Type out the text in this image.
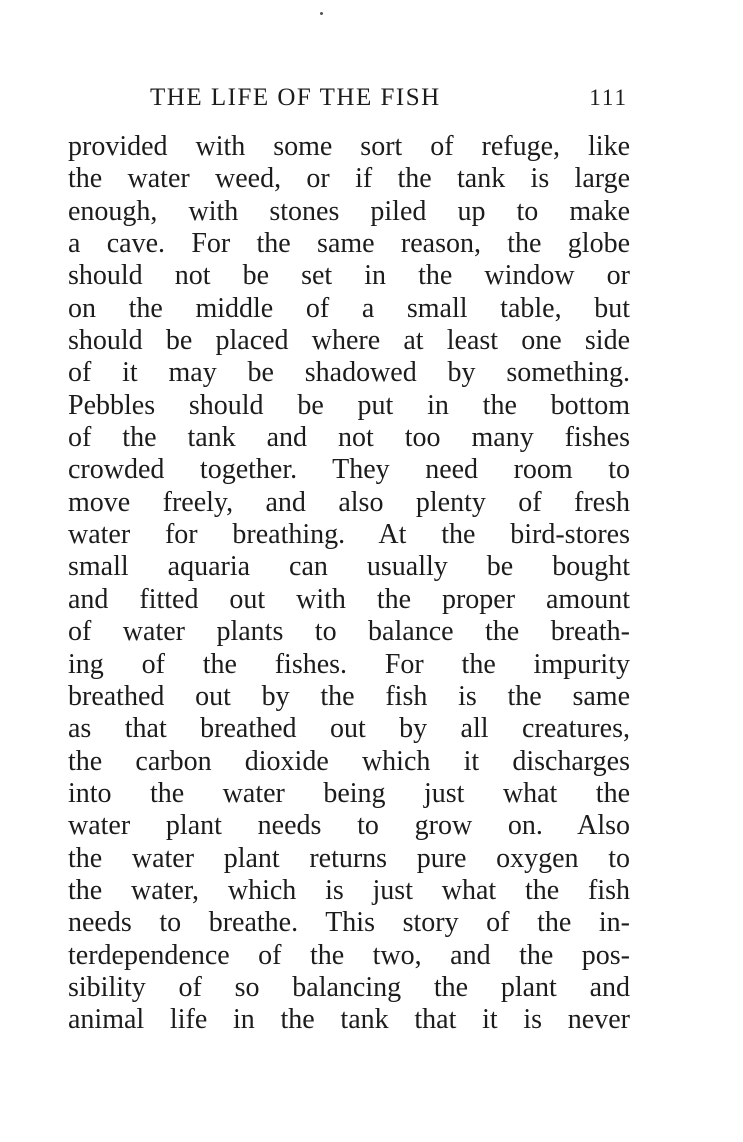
THE LIFE OF THE FISH	111
provided with some sort of refuge, like
the water weed, or if the tank is large
enough, with stones piled up to make
a cave. For the same reason, the globe
should not be set in the window or
on the middle of a small table, but
should be placed where at least one side
of it may be shadowed by something.
Pebbles should be put in the bottom
of the tank and not too many fishes
crowded together. They need room to
move freely, and also plenty of fresh
water for breathing. At the bird-stores
small aquaria can usually be bought
and fitted out with the proper amount
of water plants to balance the breath-
ing of the fishes. For the impurity
breathed out by the fish is the same
as that breathed out by all creatures,
the carbon dioxide which it discharges
into the water being just what the
water plant needs to grow on. Also
the water plant returns pure oxygen to
the water, which is just what the fish
needs to breathe. This story of the in-
terdependence of the two, and the pos-
sibility of so balancing the plant and
animal life in the tank that it is never
